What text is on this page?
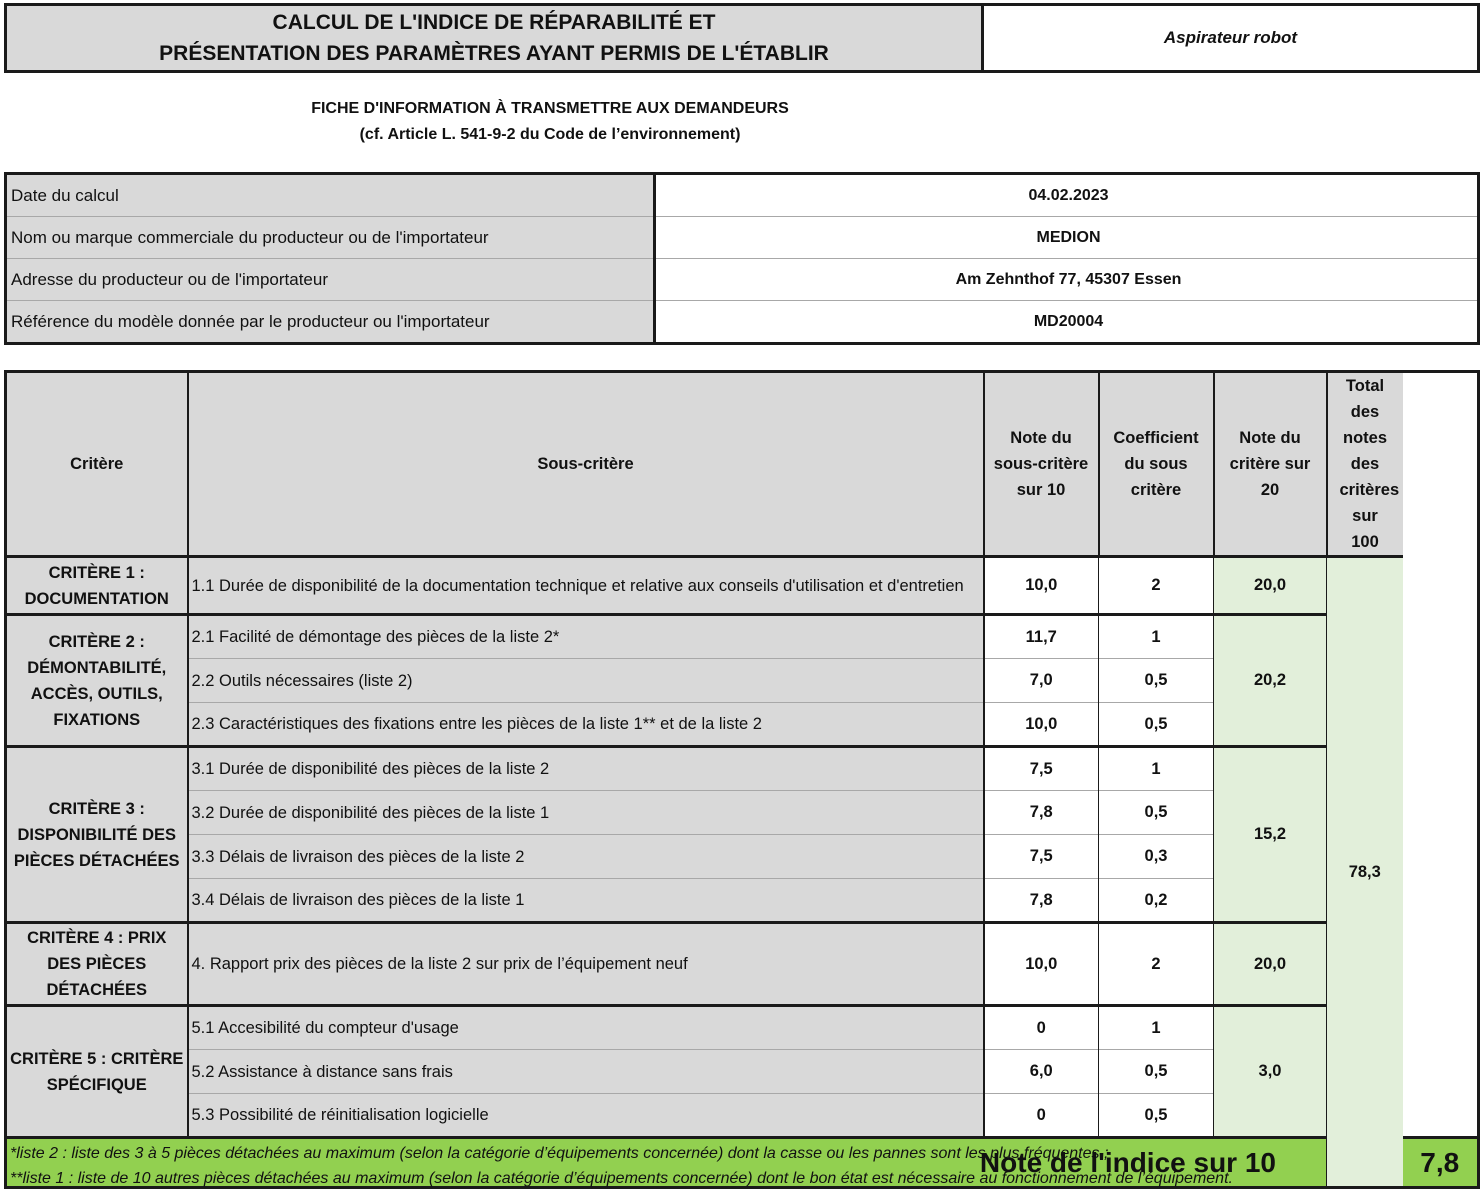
CALCUL DE L'INDICE DE RÉPARABILITÉ ET
PRÉSENTATION DES PARAMÈTRES AYANT PERMIS DE L'ÉTABLIR
Aspirateur robot
FICHE D'INFORMATION À TRANSMETTRE AUX DEMANDEURS
(cf. Article L. 541-9-2 du Code de l’environnement)
Date du calcul	04.02.2023
Nom ou marque commerciale du producteur ou de l'importateur	MEDION
Adresse du producteur ou de l'importateur	Am Zehnthof 77, 45307 Essen
Référence du modèle donnée par le producteur ou l'importateur	MD20004
Critère	Sous-critère	Note du sous-critère sur 10	Coefficient du sous critère	Note du critère sur 20	Total des notes des critères sur 100	
CRITÈRE 1 : DOCUMENTATION	1.1 Durée de disponibilité de la documentation technique et relative aux conseils d'utilisation et d'entretien	10,0	2	20,0	78,3	
CRITÈRE 2 : DÉMONTABILITÉ, ACCÈS, OUTILS, FIXATIONS	2.1 Facilité de démontage des pièces de la liste 2*	11,7	1	20,2		
	2.2 Outils nécessaires (liste 2)	7,0	0,5			
	2.3 Caractéristiques des fixations entre les pièces de la liste 1** et de la liste 2	10,0	0,5			
CRITÈRE 3 : DISPONIBILITÉ DES PIÈCES DÉTACHÉES	3.1 Durée de disponibilité des pièces de la liste 2	7,5	1	15,2		
	3.2 Durée de disponibilité des pièces de la liste 1	7,8	0,5			
	3.3 Délais de livraison des pièces de la liste 2	7,5	0,3			
	3.4 Délais de livraison des pièces de la liste 1	7,8	0,2			
CRITÈRE 4 : PRIX DES PIÈCES DÉTACHÉES	4. Rapport prix des pièces de la liste 2 sur prix de l’équipement neuf	10,0	2	20,0		
CRITÈRE 5 : CRITÈRE SPÉCIFIQUE	5.1 Accesibilité du compteur d'usage	0	1	3,0		
	5.2 Assistance à distance sans frais	6,0	0,5			
	5.3 Possibilité de réinitialisation logicielle	0	0,5			
Note de l'indice sur 10						7,8
*liste 2 : liste des 3 à 5 pièces détachées au maximum (selon la catégorie d’équipements concernée) dont la casse ou les pannes sont les plus fréquentes ;
**liste 1 : liste de 10 autres pièces détachées au maximum (selon la catégorie d’équipements concernée) dont le bon état est nécessaire au fonctionnement de l’équipement.
